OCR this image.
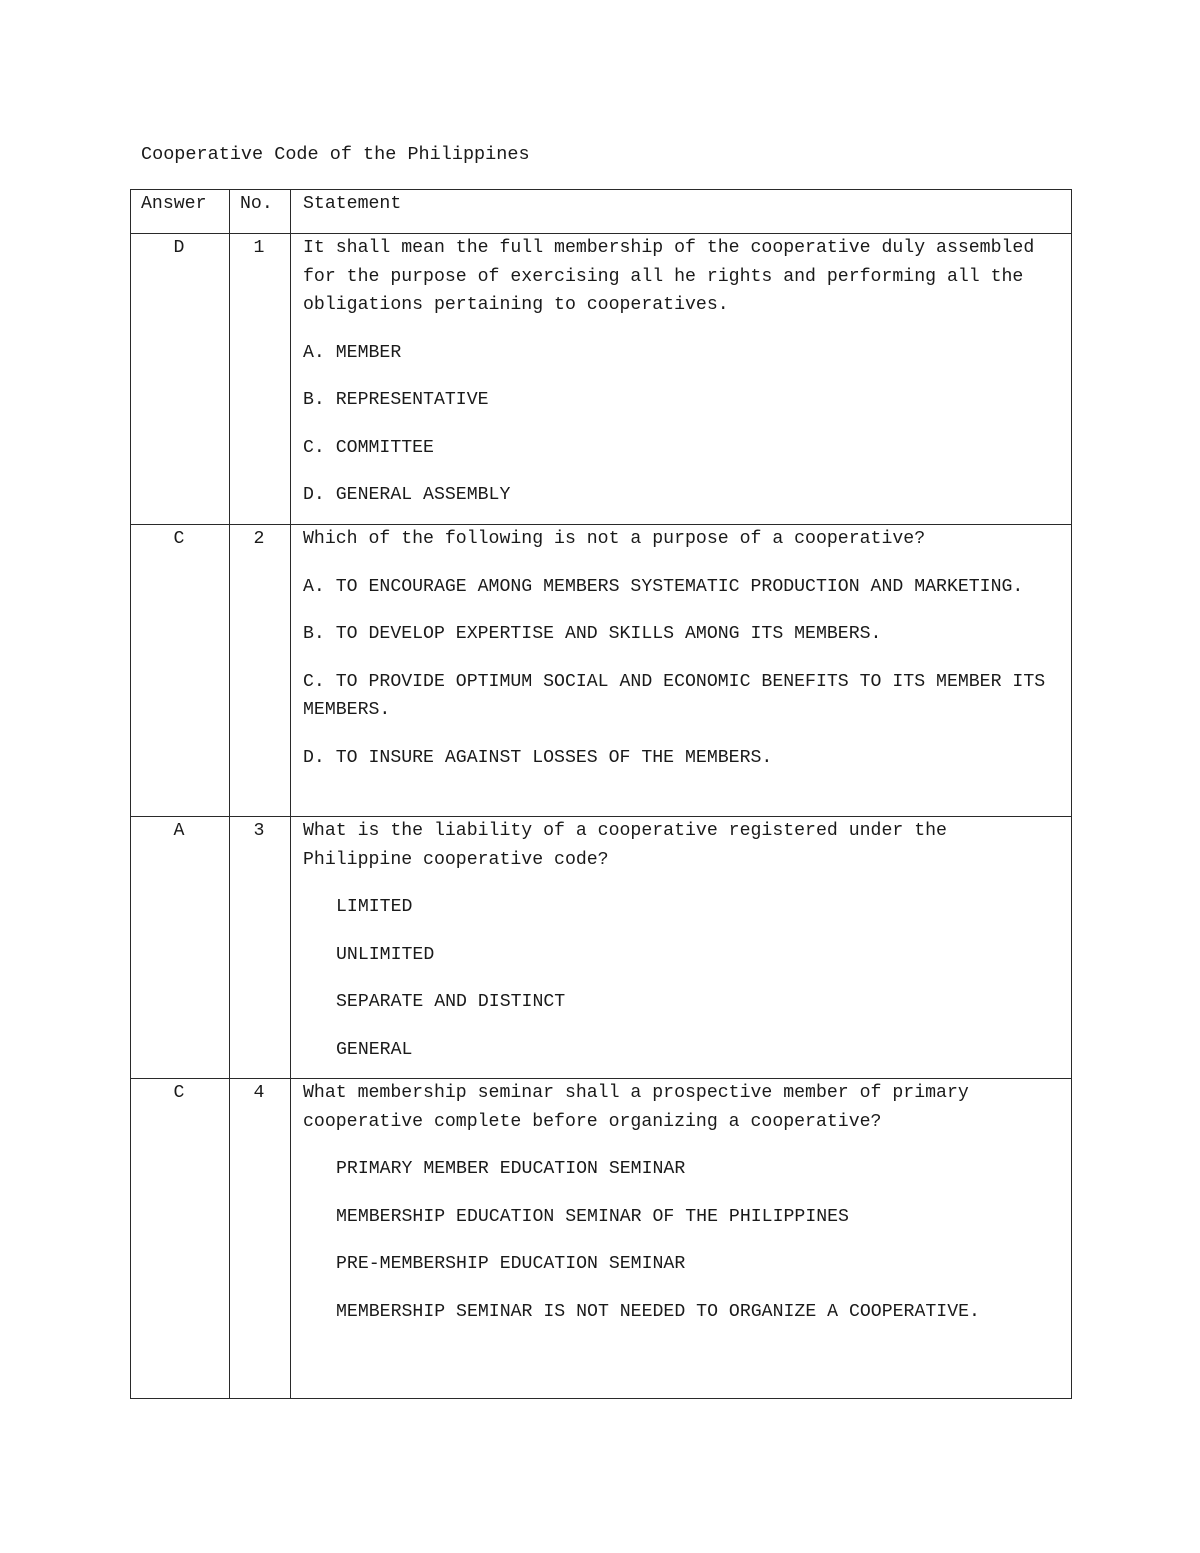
Cooperative Code of the Philippines
Answer	No.	Statement

D	1	It shall mean the full membership of the cooperative duly assembled for the purpose of exercising all he rights and performing all the obligations pertaining to cooperatives.

A. MEMBER

B. REPRESENTATIVE

C. COMMITTEE

D. GENERAL ASSEMBLY

C	2	Which of the following is not a purpose of a cooperative?

A. TO ENCOURAGE AMONG MEMBERS SYSTEMATIC PRODUCTION AND MARKETING.

B. TO DEVELOP EXPERTISE AND SKILLS AMONG ITS MEMBERS.

C. TO PROVIDE OPTIMUM SOCIAL AND ECONOMIC BENEFITS TO ITS MEMBER ITS MEMBERS.

D. TO INSURE AGAINST LOSSES OF THE MEMBERS.

A	3	What is the liability of a cooperative registered under the Philippine cooperative code?

LIMITED

UNLIMITED

SEPARATE AND DISTINCT

GENERAL

C	4	What membership seminar shall a prospective member of primary cooperative complete before organizing a cooperative?

PRIMARY MEMBER EDUCATION SEMINAR

MEMBERSHIP EDUCATION SEMINAR OF THE PHILIPPINES

PRE-MEMBERSHIP EDUCATION SEMINAR

MEMBERSHIP SEMINAR IS NOT NEEDED TO ORGANIZE A COOPERATIVE.
